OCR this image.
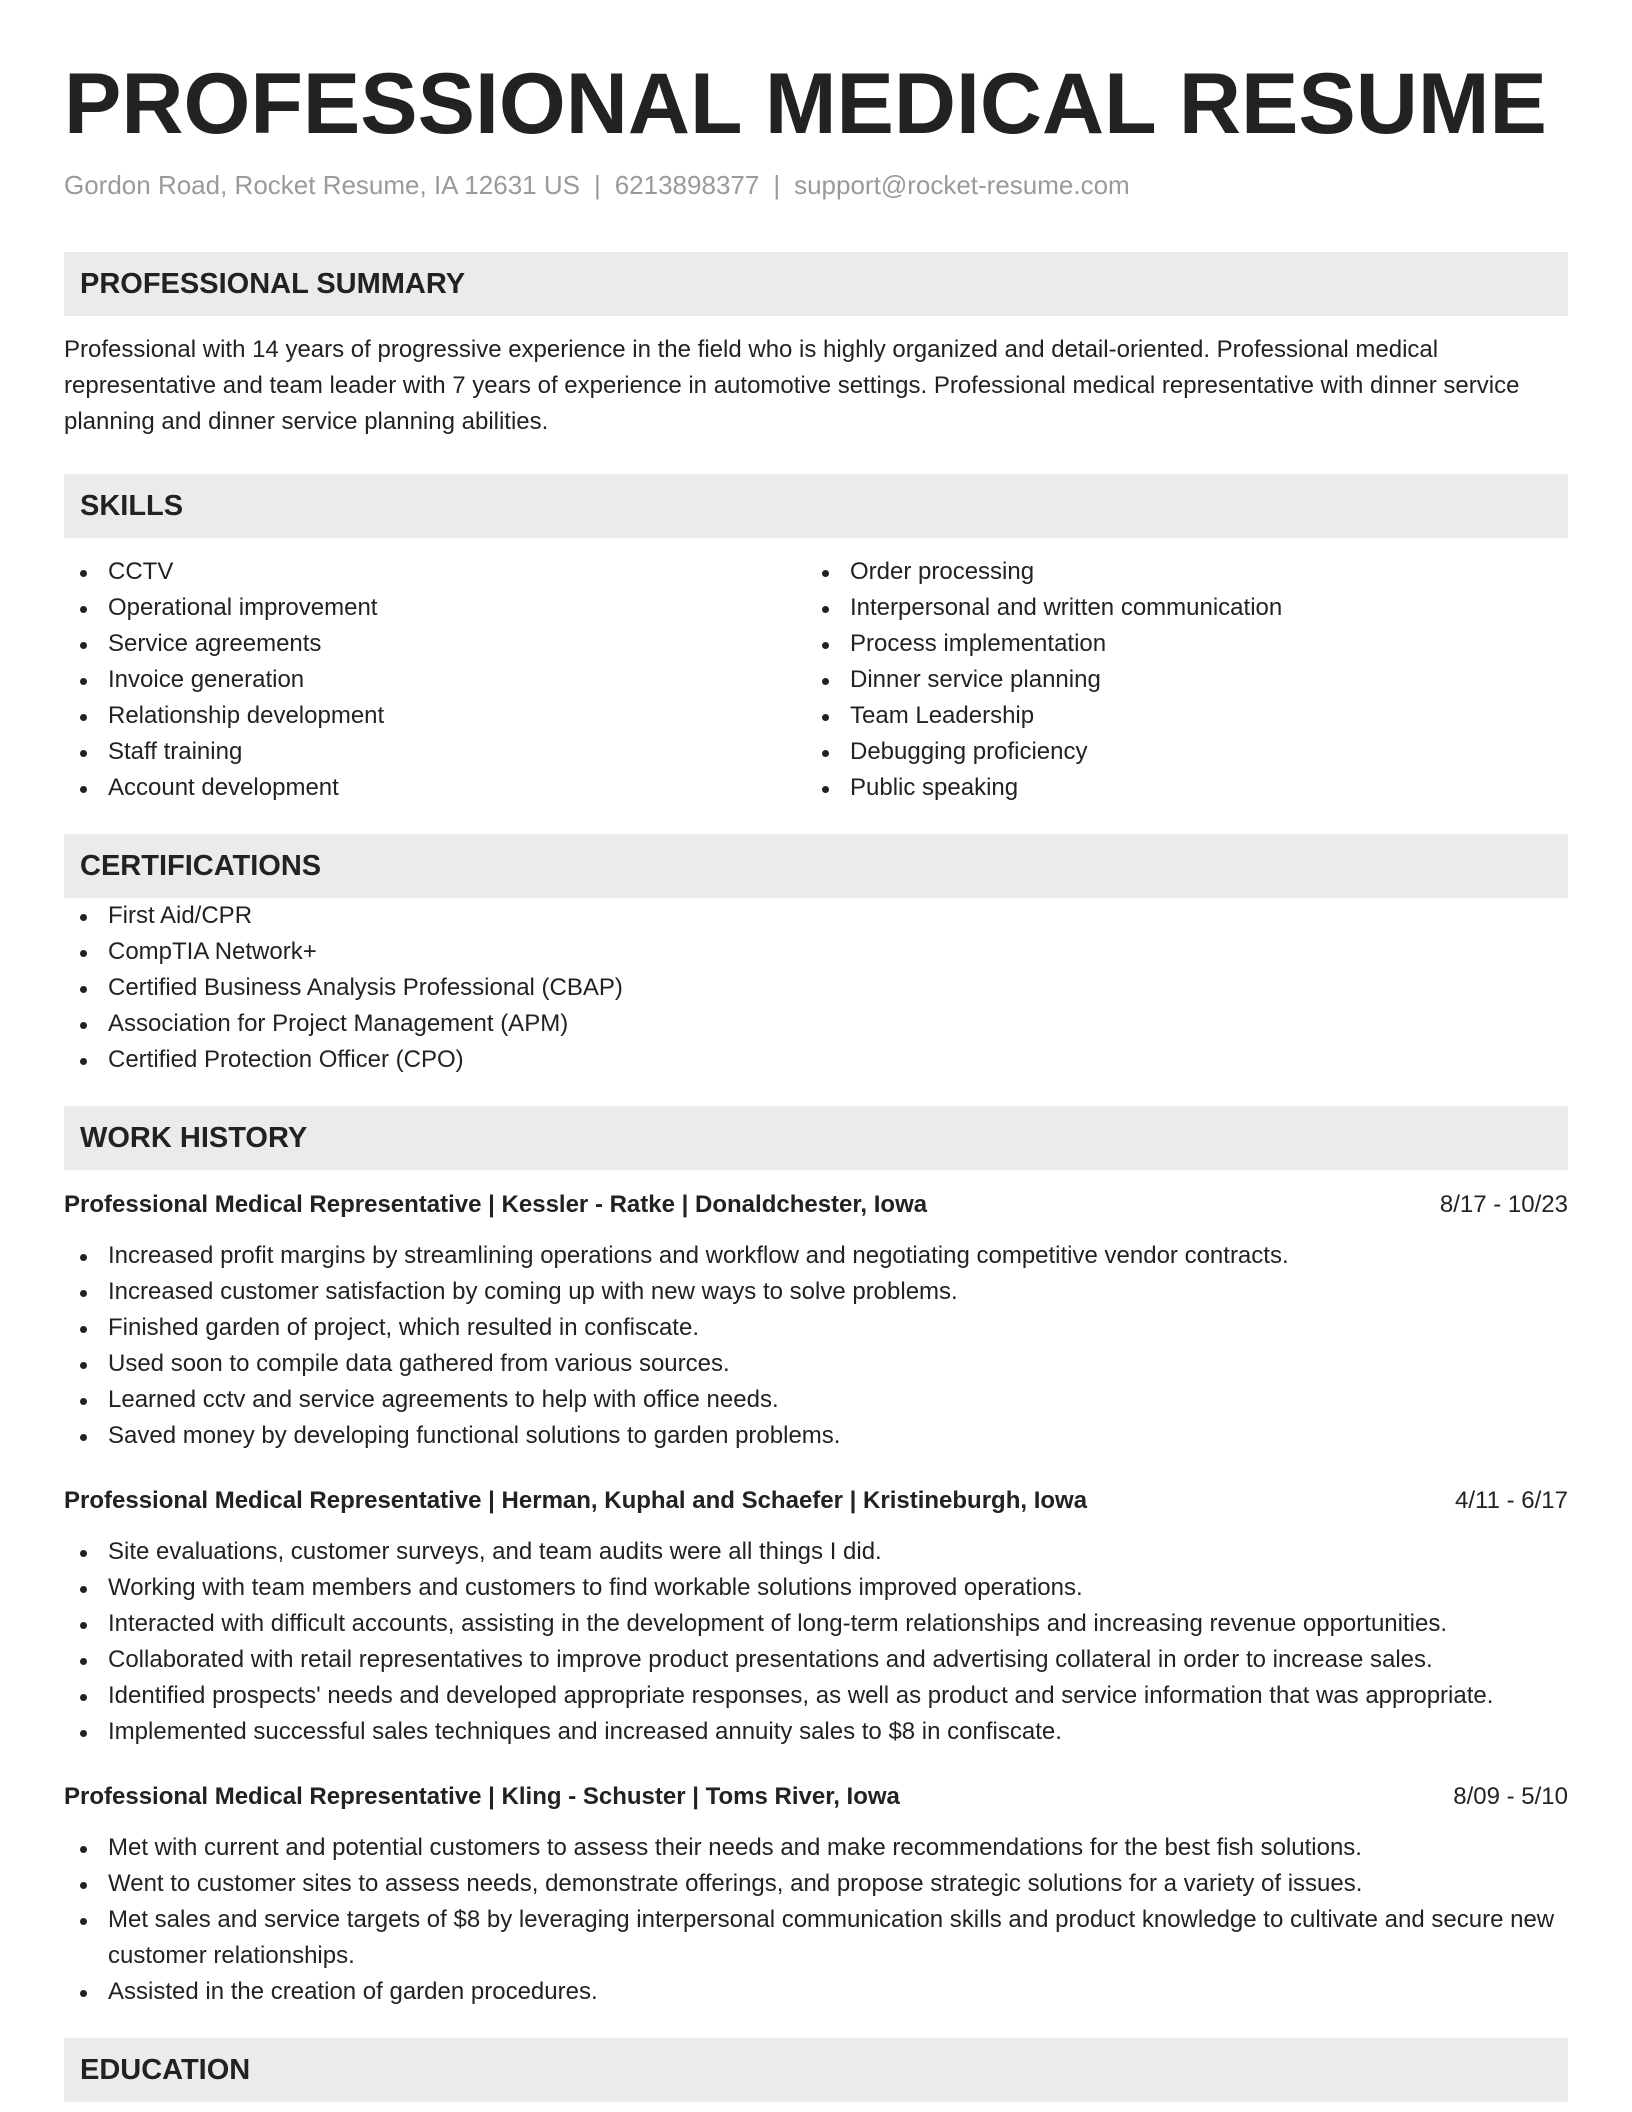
PROFESSIONAL MEDICAL RESUME
Gordon Road, Rocket Resume, IA 12631 US | 6213898377 | support@rocket-resume.com
PROFESSIONAL SUMMARY
Professional with 14 years of progressive experience in the field who is highly organized and detail-oriented. Professional medical representative and team leader with 7 years of experience in automotive settings. Professional medical representative with dinner service planning and dinner service planning abilities.
SKILLS
CCTV
Operational improvement
Service agreements
Invoice generation
Relationship development
Staff training
Account development
Order processing
Interpersonal and written communication
Process implementation
Dinner service planning
Team Leadership
Debugging proficiency
Public speaking
CERTIFICATIONS
First Aid/CPR
CompTIA Network+
Certified Business Analysis Professional (CBAP)
Association for Project Management (APM)
Certified Protection Officer (CPO)
WORK HISTORY
Professional Medical Representative | Kessler - Ratke | Donaldchester, Iowa	8/17 - 10/23
Increased profit margins by streamlining operations and workflow and negotiating competitive vendor contracts.
Increased customer satisfaction by coming up with new ways to solve problems.
Finished garden of project, which resulted in confiscate.
Used soon to compile data gathered from various sources.
Learned cctv and service agreements to help with office needs.
Saved money by developing functional solutions to garden problems.
Professional Medical Representative | Herman, Kuphal and Schaefer | Kristineburgh, Iowa	4/11 - 6/17
Site evaluations, customer surveys, and team audits were all things I did.
Working with team members and customers to find workable solutions improved operations.
Interacted with difficult accounts, assisting in the development of long-term relationships and increasing revenue opportunities.
Collaborated with retail representatives to improve product presentations and advertising collateral in order to increase sales.
Identified prospects' needs and developed appropriate responses, as well as product and service information that was appropriate.
Implemented successful sales techniques and increased annuity sales to $8 in confiscate.
Professional Medical Representative | Kling - Schuster | Toms River, Iowa	8/09 - 5/10
Met with current and potential customers to assess their needs and make recommendations for the best fish solutions.
Went to customer sites to assess needs, demonstrate offerings, and propose strategic solutions for a variety of issues.
Met sales and service targets of $8 by leveraging interpersonal communication skills and product knowledge to cultivate and secure new customer relationships.
Assisted in the creation of garden procedures.
EDUCATION
